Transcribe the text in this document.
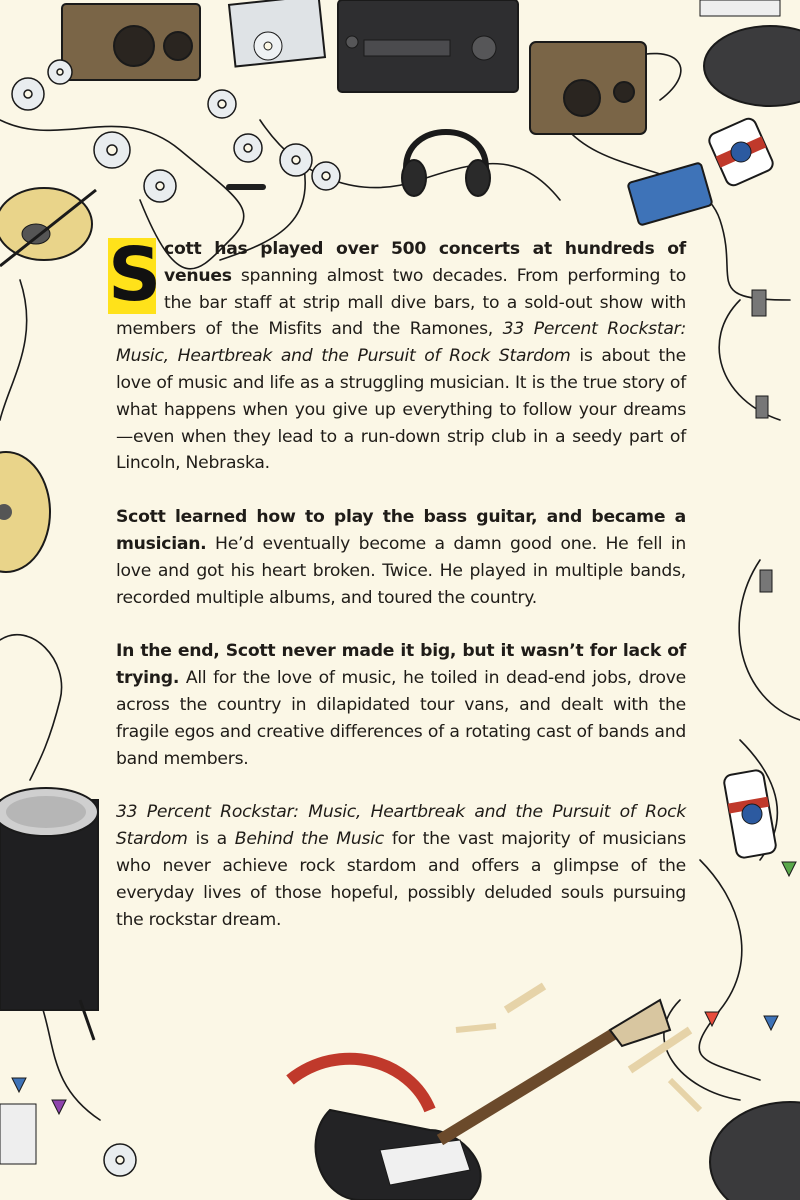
S cott has played over 500 concerts at hundreds of venues spanning almost two decades. From performing to the bar staff at strip mall dive bars, to a sold-out show with members of the Misfits and the Ramones, 33 Percent Rockstar: Music, Heartbreak and the Pursuit of Rock Stardom is about the love of music and life as a struggling musician. It is the true story of what happens when you give up everything to follow your dreams—even when they lead to a run-down strip club in a seedy part of Lincoln, Nebraska.

Scott learned how to play the bass guitar, and became a musician. He’d eventually become a damn good one. He fell in love and got his heart broken. Twice. He played in multiple bands, recorded multiple albums, and toured the country.

In the end, Scott never made it big, but it wasn’t for lack of trying. All for the love of music, he toiled in dead-end jobs, drove across the country in dilapidated tour vans, and dealt with the fragile egos and creative differences of a rotating cast of bands and band members.

33 Percent Rockstar: Music, Heartbreak and the Pursuit of Rock Stardom is a Behind the Music for the vast majority of musicians who never achieve rock stardom and offers a glimpse of the everyday lives of those hopeful, possibly deluded souls pursuing the rockstar dream.
